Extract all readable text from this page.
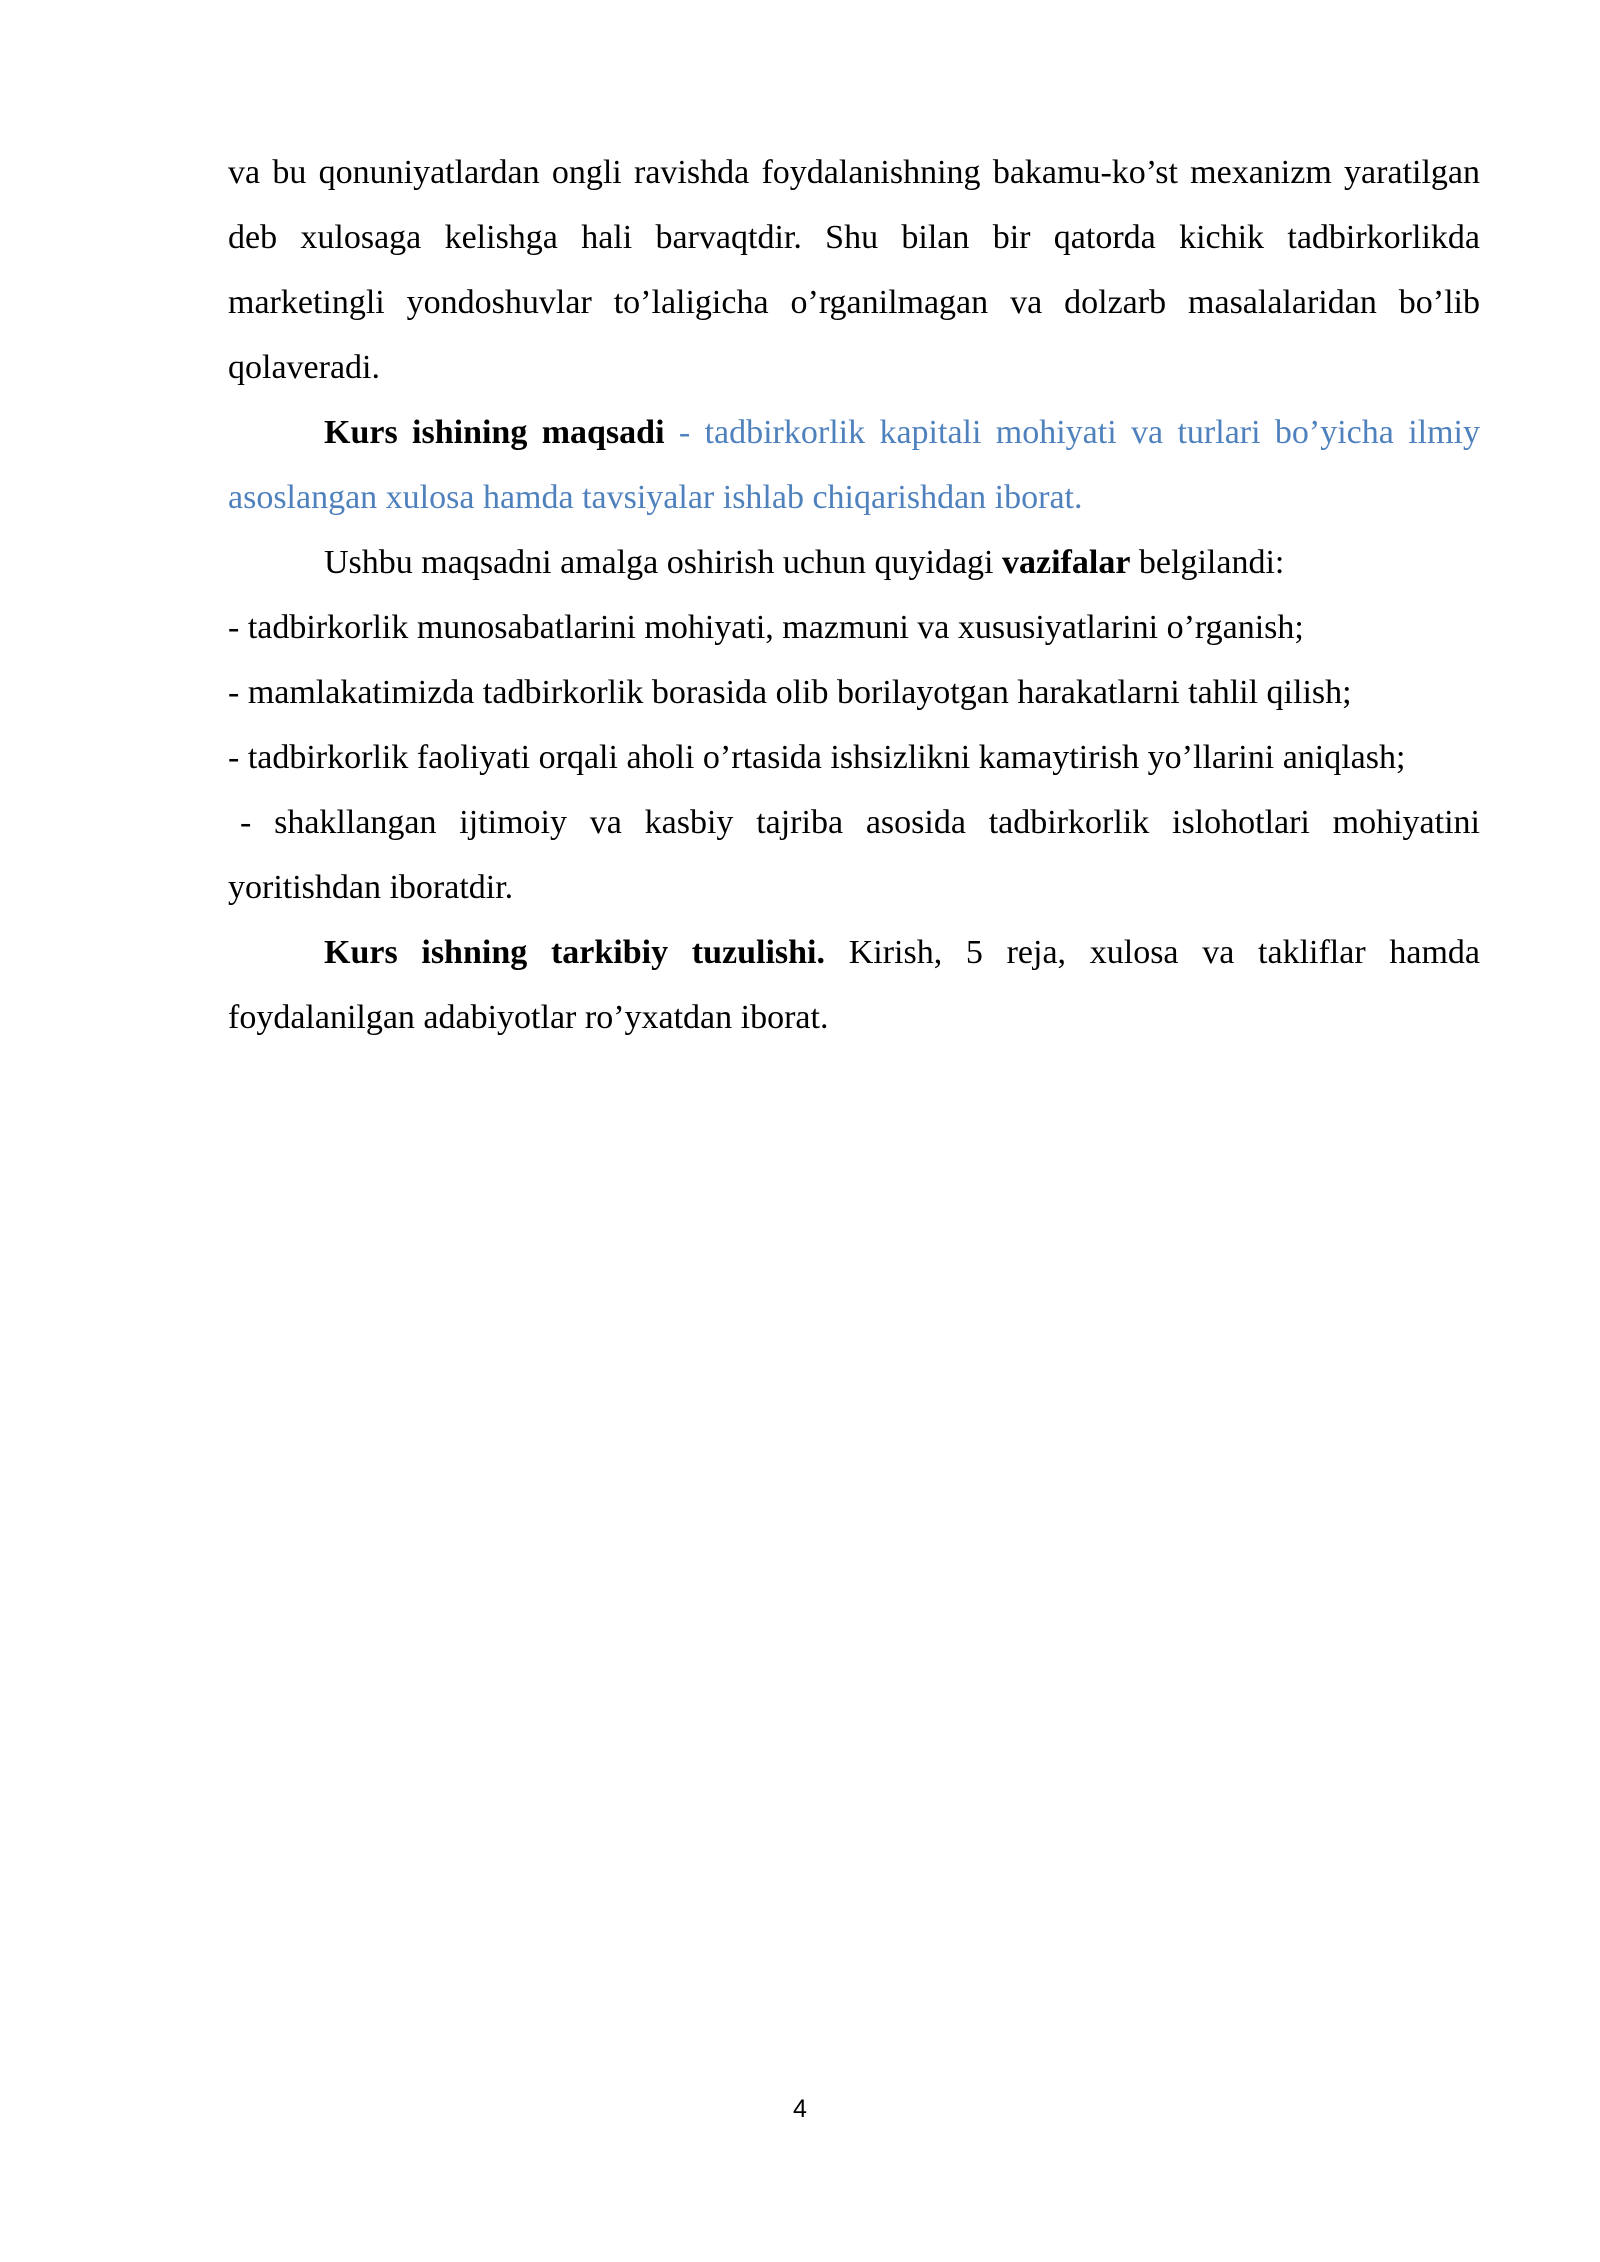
va bu qonuniyatlardan ongli ravishda foydalanishning bakamu-ko’st mexanizm yaratilgan deb xulosaga kelishga hali barvaqtdir. Shu bilan bir qatorda kichik tadbirkorlikda marketingli yondoshuvlar to’laligicha o’rganilmagan va dolzarb masalalaridan bo’lib qolaveradi.

Kurs ishining maqsadi - tadbirkorlik kapitali mohiyati va turlari bo’yicha ilmiy asoslangan xulosa hamda tavsiyalar ishlab chiqarishdan iborat.

Ushbu maqsadni amalga oshirish uchun quyidagi vazifalar belgilandi:

- tadbirkorlik munosabatlarini mohiyati, mazmuni va xususiyatlarini o’rganish;

- mamlakatimizda tadbirkorlik borasida olib borilayotgan harakatlarni tahlil qilish;

- tadbirkorlik faoliyati orqali aholi o’rtasida ishsizlikni kamaytirish yo’llarini aniqlash;

- shakllangan ijtimoiy va kasbiy tajriba asosida tadbirkorlik islohotlari mohiyatini yoritishdan iboratdir.

Kurs ishning tarkibiy tuzulishi. Kirish, 5 reja, xulosa va takliflar hamda foydalanilgan adabiyotlar ro’yxatdan iborat.

4
